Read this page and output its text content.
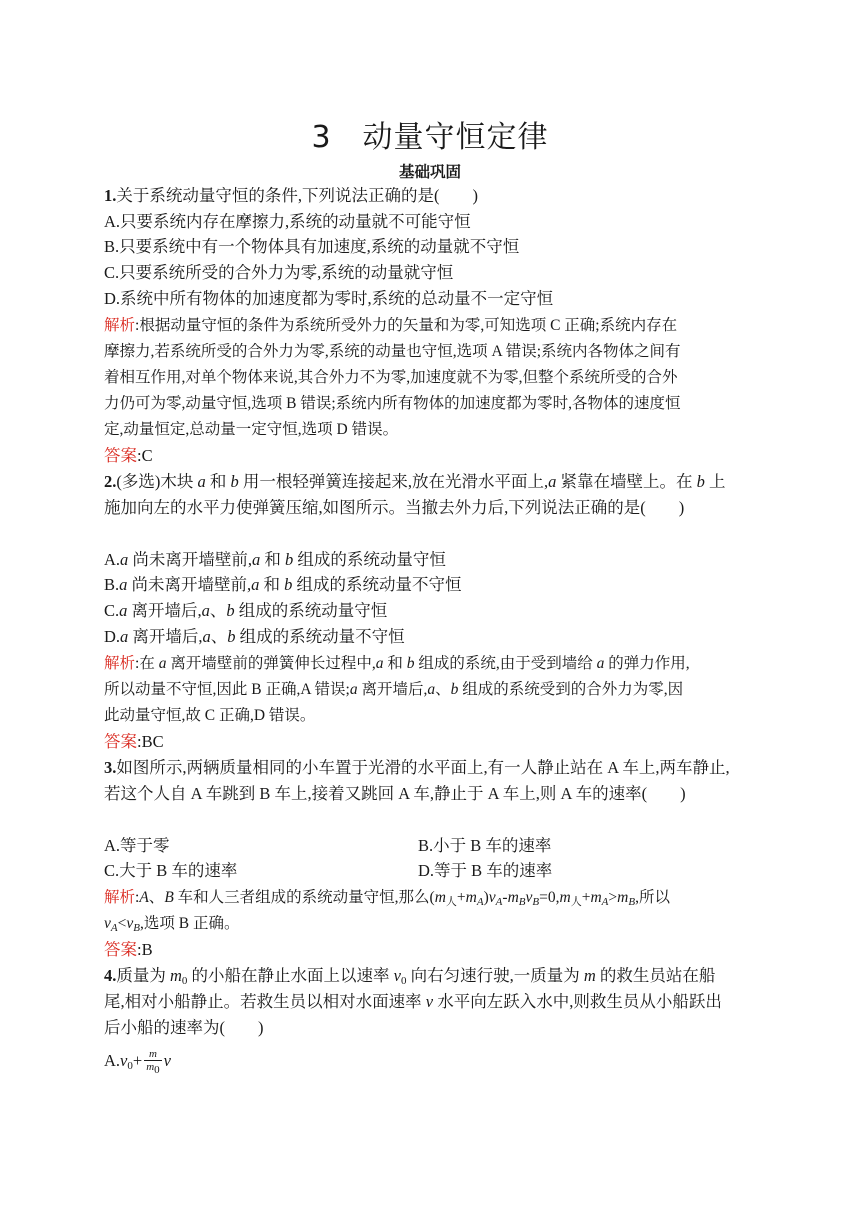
3　动量守恒定律
基础巩固
1.关于系统动量守恒的条件,下列说法正确的是(　　)
A.只要系统内存在摩擦力,系统的动量就不可能守恒
B.只要系统中有一个物体具有加速度,系统的动量就不守恒
C.只要系统所受的合外力为零,系统的动量就守恒
D.系统中所有物体的加速度都为零时,系统的总动量不一定守恒
解析:根据动量守恒的条件为系统所受外力的矢量和为零,可知选项 C 正确;系统内存在
摩擦力,若系统所受的合外力为零,系统的动量也守恒,选项 A 错误;系统内各物体之间有
着相互作用,对单个物体来说,其合外力不为零,加速度就不为零,但整个系统所受的合外
力仍可为零,动量守恒,选项 B 错误;系统内所有物体的加速度都为零时,各物体的速度恒
定,动量恒定,总动量一定守恒,选项 D 错误。
答案:C
2.(多选)木块 a 和 b 用一根轻弹簧连接起来,放在光滑水平面上,a 紧靠在墙壁上。在 b 上
施加向左的水平力使弹簧压缩,如图所示。当撤去外力后,下列说法正确的是(　　)
A.a 尚未离开墙壁前,a 和 b 组成的系统动量守恒
B.a 尚未离开墙壁前,a 和 b 组成的系统动量不守恒
C.a 离开墙后,a、b 组成的系统动量守恒
D.a 离开墙后,a、b 组成的系统动量不守恒
解析:在 a 离开墙壁前的弹簧伸长过程中,a 和 b 组成的系统,由于受到墙给 a 的弹力作用,
所以动量不守恒,因此 B 正确,A 错误;a 离开墙后,a、b 组成的系统受到的合外力为零,因
此动量守恒,故 C 正确,D 错误。
答案:BC
3.如图所示,两辆质量相同的小车置于光滑的水平面上,有一人静止站在 A 车上,两车静止,
若这个人自 A 车跳到 B 车上,接着又跳回 A 车,静止于 A 车上,则 A 车的速率(　　)
A.等于零	B.小于 B 车的速率
C.大于 B 车的速率	D.等于 B 车的速率
解析:A、B 车和人三者组成的系统动量守恒,那么$(m_人+m_A)v_A-m_Bv_B=0,m_人+m_A>m_B$,所以
$v_A<v_B$,选项 B 正确。
答案:B
4.质量为 $m_0$ 的小船在静止水面上以速率 $v_0$ 向右匀速行驶,一质量为 m 的救生员站在船
尾,相对小船静止。若救生员以相对水面速率 v 水平向左跃入水中,则救生员从小船跃出
后小船的速率为(　　)
$A.v_0+ \frac{m}{m_0}$ v
